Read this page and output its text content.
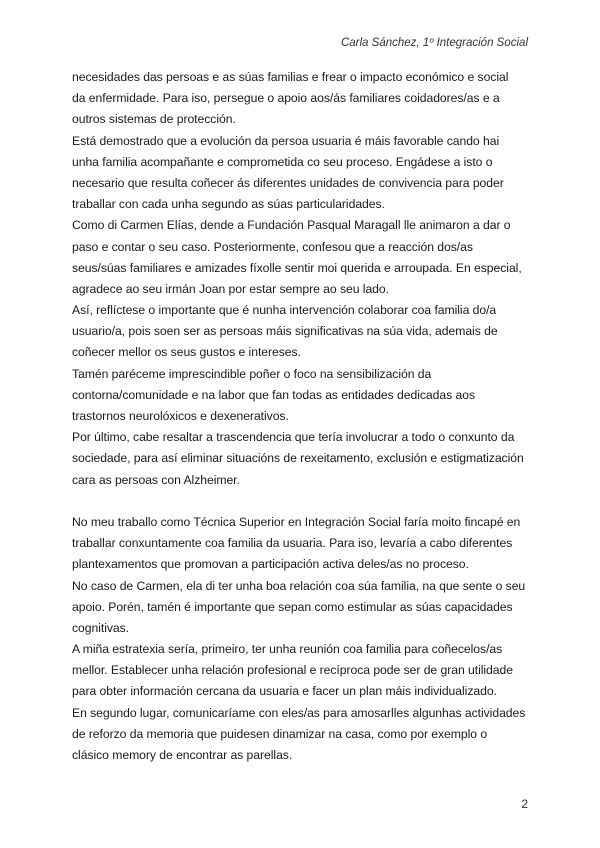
Carla Sánchez, 1º Integración Social
necesidades das persoas e as súas familias e frear o impacto económico e social
da enfermidade. Para iso, persegue o apoio aos/ás familiares coidadores/as e a
outros sistemas de protección.
Está demostrado que a evolución da persoa usuaria é máis favorable cando hai
unha familia acompañante e comprometida co seu proceso. Engádese a isto o
necesario que resulta coñecer ás diferentes unidades de convivencia para poder
traballar con cada unha segundo as súas particularidades.
Como di Carmen Elías, dende a Fundación Pasqual Maragall lle animaron a dar o
paso e contar o seu caso. Posteriormente, confesou que a reacción dos/as
seus/súas familiares e amizades fíxolle sentir moi querida e arroupada. En especial,
agradece ao seu irmán Joan por estar sempre ao seu lado.
Así, reflíctese o importante que é nunha intervención colaborar coa familia do/a
usuario/a, pois soen ser as persoas máis significativas na súa vida, ademais de
coñecer mellor os seus gustos e intereses.
Tamén paréceme imprescindible poñer o foco na sensibilización da
contorna/comunidade e na labor que fan todas as entidades dedicadas aos
trastornos neurolóxicos e dexenerativos.
Por último, cabe resaltar a trascendencia que tería involucrar a todo o conxunto da
sociedade, para así eliminar situacións de rexeitamento, exclusión e estigmatización
cara as persoas con Alzheimer.
No meu traballo como Técnica Superior en Integración Social faría moito fincapé en
traballar conxuntamente coa familia da usuaria. Para iso, levaría a cabo diferentes
plantexamentos que promovan a participación activa deles/as no proceso.
No caso de Carmen, ela di ter unha boa relación coa súa familia, na que sente o seu
apoio. Porén, tamén é importante que sepan como estimular as súas capacidades
cognitivas.
A miña estratexia sería, primeiro, ter unha reunión coa familia para coñecelos/as
mellor. Establecer unha relación profesional e recíproca pode ser de gran utilidade
para obter información cercana da usuaria e facer un plan máis individualizado.
En segundo lugar, comunicaríame con eles/as para amosarlles algunhas actividades
de reforzo da memoria que puidesen dinamizar na casa, como por exemplo o
clásico memory de encontrar as parellas.
2
